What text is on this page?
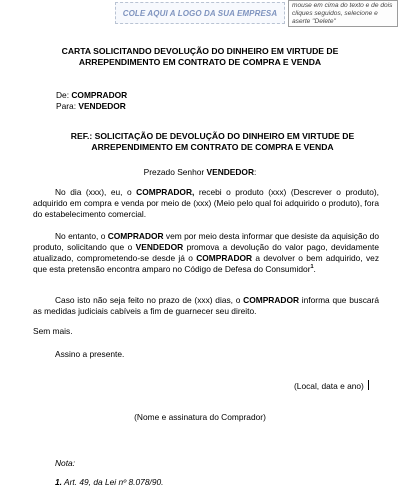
COLE AQUI A LOGO DA SUA EMPRESA
mouse em cima do texto e de dois cliques seguidos, selecione e aserte "Delete"
CARTA SOLICITANDO DEVOLUÇÃO DO DINHEIRO EM VIRTUDE DE
ARREPENDIMENTO EM CONTRATO DE COMPRA E VENDA
De: COMPRADOR
Para: VENDEDOR
REF.: SOLICITAÇÃO DE DEVOLUÇÃO DO DINHEIRO EM VIRTUDE DE
ARREPENDIMENTO EM CONTRATO DE COMPRA E VENDA
Prezado Senhor VENDEDOR:
No dia (xxx), eu, o COMPRADOR, recebi o produto (xxx) (Descrever o produto), adquirido em compra e venda por meio de (xxx) (Meio pelo qual foi adquirido o produto), fora do estabelecimento comercial.
No entanto, o COMPRADOR vem por meio desta informar que desiste da aquisição do produto, solicitando que o VENDEDOR promova a devolução do valor pago, devidamente atualizado, comprometendo-se desde já o COMPRADOR a devolver o bem adquirido, vez que esta pretensão encontra amparo no Código de Defesa do Consumidor$^1$.
Caso isto não seja feito no prazo de (xxx) dias, o COMPRADOR informa que buscará as medidas judiciais cabíveis a fim de guarnecer seu direito.
Sem mais.
Assino a presente.
(Local, data e ano)
(Nome e assinatura do Comprador)
Nota:
1. Art. 49, da Lei nº 8.078/90.
